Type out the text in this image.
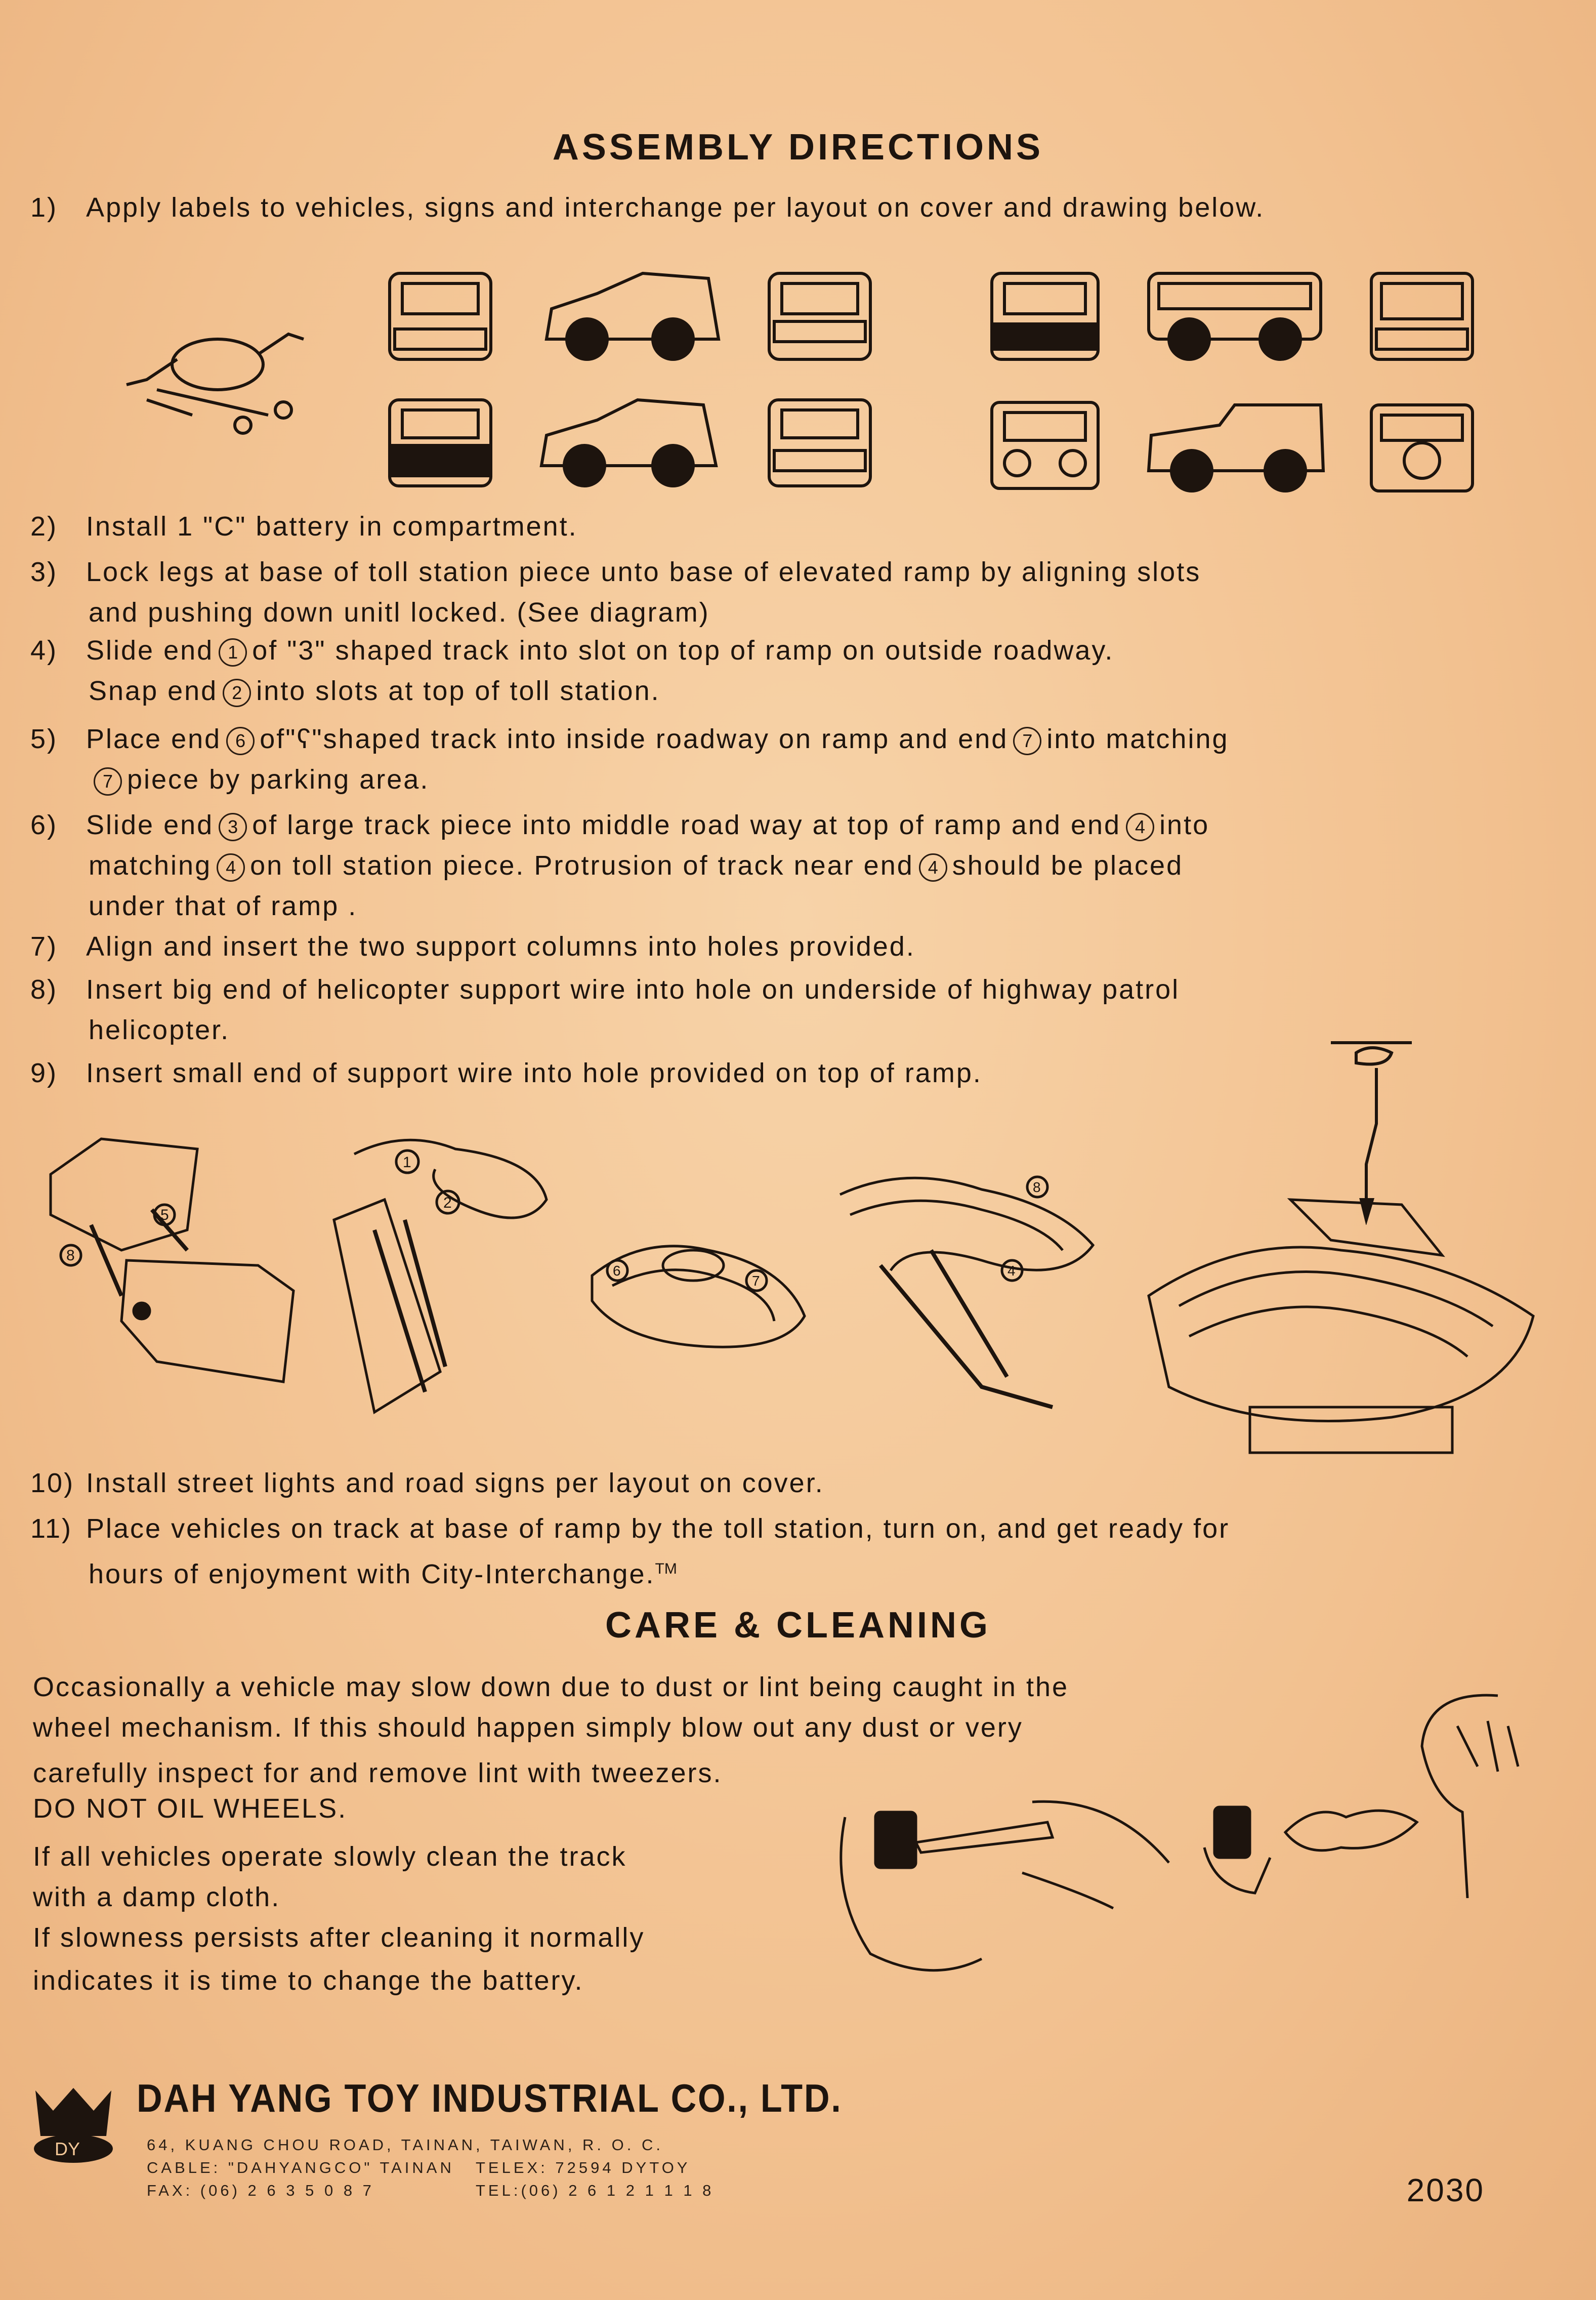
ASSEMBLY DIRECTIONS
1) Apply labels to vehicles, signs and interchange per layout on cover and drawing below.
2) Install 1 "C" battery in compartment.
3) Lock legs at base of toll station piece unto base of elevated ramp by aligning slots
and pushing down unitl locked. (See diagram)
4) Slide end 1 of "3" shaped track into slot on top of ramp on outside roadway.
Snap end 2 into slots at top of toll station.
5) Place end 6 of"ʕ"shaped track into inside roadway on ramp and end 7 into matching
7 piece by parking area.
6) Slide end 3 of large track piece into middle road way at top of ramp and end 4 into
matching 4 on toll station piece. Protrusion of track near end 4 should be placed
under that of ramp .
7) Align and insert the two support columns into holes provided.
8) Insert big end of helicopter support wire into hole on underside of highway patrol
helicopter.
9) Insert small end of support wire into hole provided on top of ramp.
5
8
1
2
6
7
8
4
10) Install street lights and road signs per layout on cover.
11) Place vehicles on track at base of ramp by the toll station, turn on, and get ready for
hours of enjoyment with City-Interchange.™
CARE & CLEANING
Occasionally a vehicle may slow down due to dust or lint being caught in the
wheel mechanism. If this should happen simply blow out any dust or very
carefully inspect for and remove lint with tweezers.
DO NOT OIL WHEELS.
If all vehicles operate slowly clean the track
with a damp cloth.
If slowness persists after cleaning it normally
indicates it is time to change the battery.
DY
DAH YANG TOY INDUSTRIAL CO., LTD.
64, KUANG CHOU ROAD, TAINAN, TAIWAN, R. O. C.
CABLE: "DAHYANGCO" TAINAN TELEX: 72594 DYTOY
FAX: (06) 2 6 3 5 0 8 7	TEL:(06) 2 6 1 2 1 1 1 8	2030
